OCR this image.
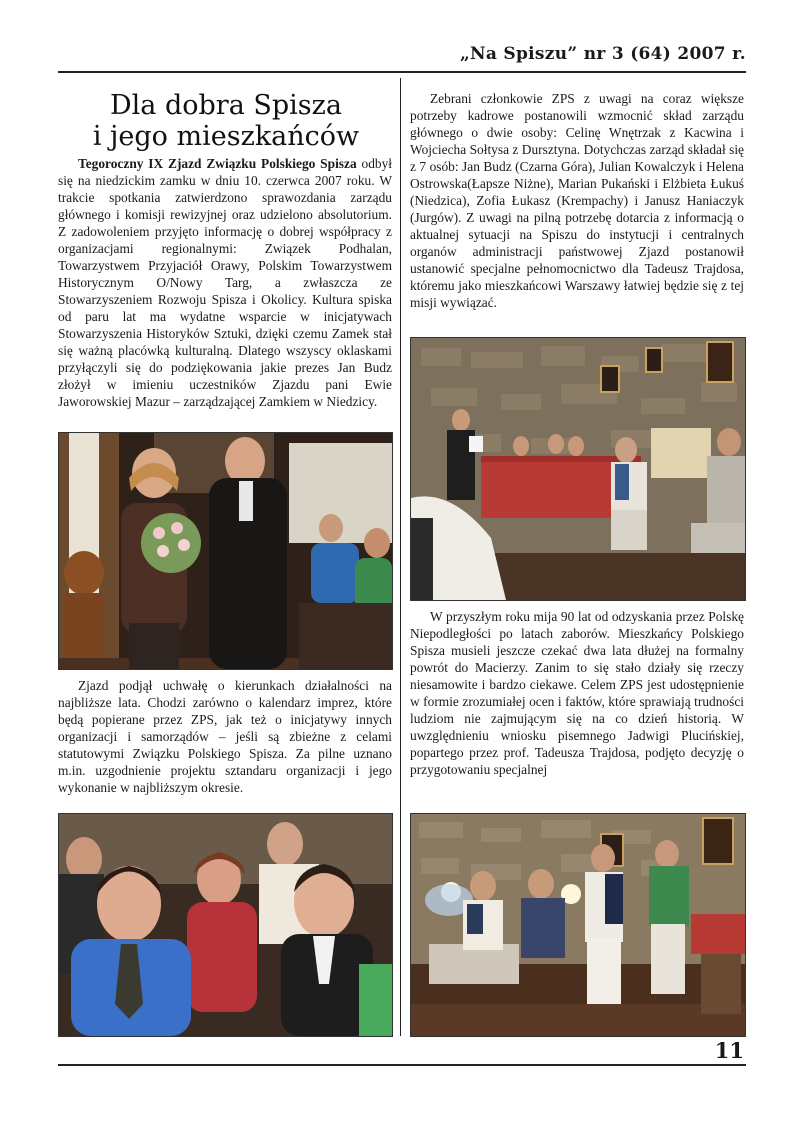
„Na Spiszu” nr 3 (64) 2007 r.
Dla dobra Spisza
i jego mieszkańców

Tegoroczny IX Zjazd Związku Polskiego Spisza odbył się na niedzickim zamku w dniu 10. czerwca 2007 roku. W trakcie spotkania zatwierdzono sprawozdania zarządu głównego i komisji rewizyjnej oraz udzielono absolutorium. Z zadowoleniem przyjęto informację o dobrej współpracy z organizacjami regionalnymi: Związek Podhalan, Towarzystwem Przyjaciół Orawy, Polskim Towarzystwem Historycznym O/Nowy Targ, a zwłaszcza ze Stowarzyszeniem Rozwoju Spisza i Okolicy. Kultura spiska od paru lat ma wydatne wsparcie w inicjatywach Stowarzyszenia Historyków Sztuki, dzięki czemu Zamek stał się ważną placówką kulturalną. Dlatego wszyscy oklaskami przyłączyli się do podziękowania jakie prezes Jan Budz złożył w imieniu uczestników Zjazdu pani Ewie Jaworowskiej Mazur – zarządzającej Zamkiem w Niedzicy.

Zjazd podjął uchwałę o kierunkach działalności na najbliższe lata. Chodzi zarówno o kalendarz imprez, które będą popierane przez ZPS, jak też o inicjatywy innych organizacji i samorządów – jeśli są zbieżne z celami statutowymi Związku Polskiego Spisza. Za pilne uznano m.in. uzgodnienie projektu sztandaru organizacji i jego wykonanie w najbliższym okresie.

Zebrani członkowie ZPS z uwagi na coraz większe potrzeby kadrowe postanowili wzmocnić skład zarządu głównego o dwie osoby: Celinę Wnętrzak z Kacwina i Wojciecha Sołtysa z Dursztyna. Dotychczas zarząd składał się z 7 osób: Jan Budz (Czarna Góra), Julian Kowalczyk i Helena Ostrowska(Łapsze Niżne), Marian Pukański i Elżbieta Łukuś (Niedzica), Zofia Łukasz (Krempachy) i Janusz Haniaczyk (Jurgów). Z uwagi na pilną potrzebę dotarcia z informacją o aktualnej sytuacji na Spiszu do instytucji i centralnych organów administracji państwowej Zjazd postanowił ustanowić specjalne pełnomocnictwo dla Tadeusz Trajdosa, któremu jako mieszkańcowi Warszawy łatwiej będzie się z tej misji wywiązać.

W przyszłym roku mija 90 lat od odzyskania przez Polskę Niepodległości po latach zaborów. Mieszkańcy Polskiego Spisza musieli jeszcze czekać dwa lata dłużej na formalny powrót do Macierzy. Zanim to się stało działy się rzeczy niesamowite i bardzo ciekawe. Celem ZPS jest udostępnienie w formie zrozumiałej ocen i faktów, które sprawiają trudności ludziom nie zajmującym się na co dzień historią. W uwzględnieniu wniosku pisemnego Jadwigi Plucińskiej, popartego przez prof. Tadeusza Trajdosa, podjęto decyzję o przygotowaniu specjalnej

11
